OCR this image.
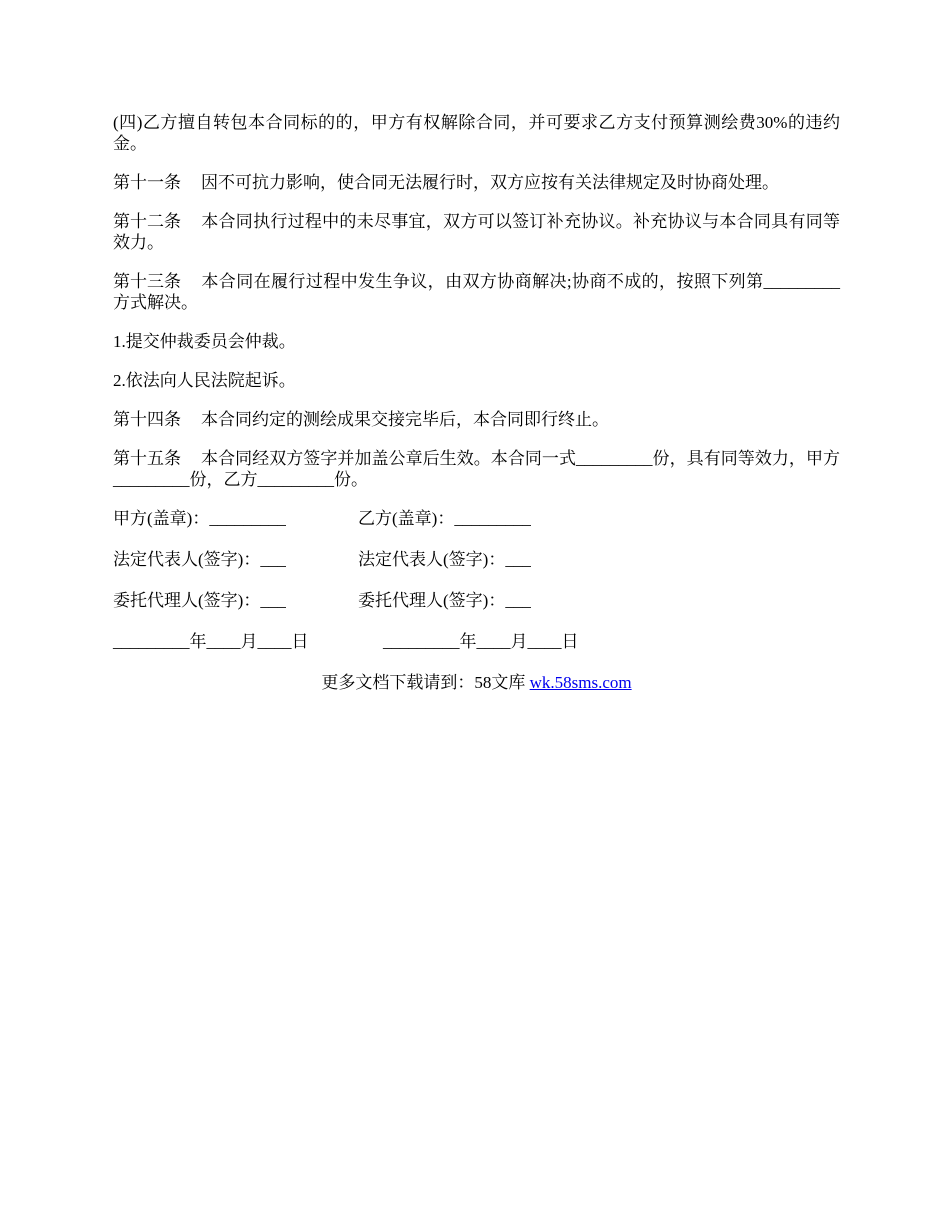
(四)乙方擅自转包本合同标的的，甲方有权解除合同，并可要求乙方支付预算测绘费30%的违约金。

第十一条 因不可抗力影响，使合同无法履行时，双方应按有关法律规定及时协商处理。

第十二条 本合同执行过程中的未尽事宜，双方可以签订补充协议。补充协议与本合同具有同等效力。

第十三条 本合同在履行过程中发生争议，由双方协商解决;协商不成的，按照下列第_________方式解决。

1.提交仲裁委员会仲裁。

2.依法向人民法院起诉。

第十四条 本合同约定的测绘成果交接完毕后，本合同即行终止。

第十五条 本合同经双方签字并加盖公章后生效。本合同一式_________份，具有同等效力，甲方_________份，乙方_________份。

甲方(盖章)：_________	乙方(盖章)：_________
法定代表人(签字)：___	法定代表人(签字)：___
委托代理人(签字)：___	委托代理人(签字)：___
_________年____月____日	_________年____月____日
更多文档下载请到：58文库 wk.58sms.com
